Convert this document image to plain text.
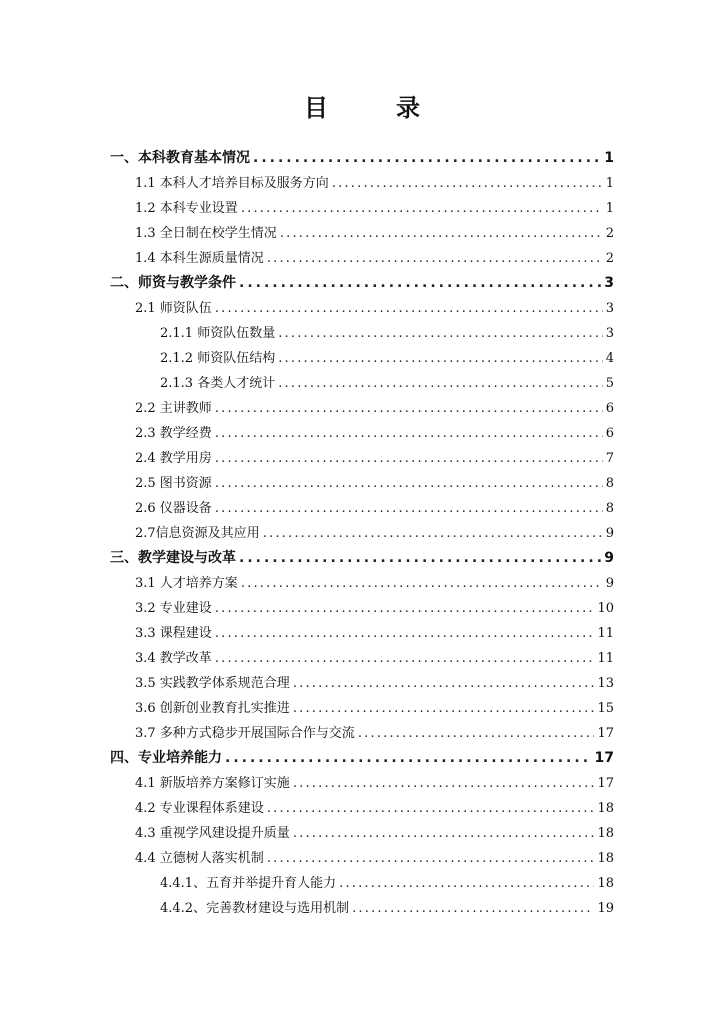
目　录
一、本科教育基本情况 .....	1
1.1 本科人才培养目标及服务方向 .....	1
1.2 本科专业设置 .....	1
1.3 全日制在校学生情况 .....	2
1.4 本科生源质量情况 .....	2
二、师资与教学条件 .....	3
2.1 师资队伍 .....	3
2.1.1 师资队伍数量 .....	3
2.1.2 师资队伍结构 .....	4
2.1.3 各类人才统计 .....	5
2.2 主讲教师 .....	6
2.3 教学经费 .....	6
2.4 教学用房 .....	7
2.5 图书资源 .....	8
2.6 仪器设备 .....	8
2.7信息资源及其应用 .....	9
三、教学建设与改革 .....	9
3.1 人才培养方案 .....	9
3.2 专业建设 .....	10
3.3 课程建设 .....	11
3.4 教学改革 .....	11
3.5 实践教学体系规范合理 .....	13
3.6 创新创业教育扎实推进 .....	15
3.7 多种方式稳步开展国际合作与交流 .....	17
四、专业培养能力 .....	17
4.1 新版培养方案修订实施 .....	17
4.2 专业课程体系建设 .....	18
4.3 重视学风建设提升质量 .....	18
4.4 立德树人落实机制 .....	18
4.4.1、五育并举提升育人能力 .....	18
4.4.2、完善教材建设与选用机制 .....	19
